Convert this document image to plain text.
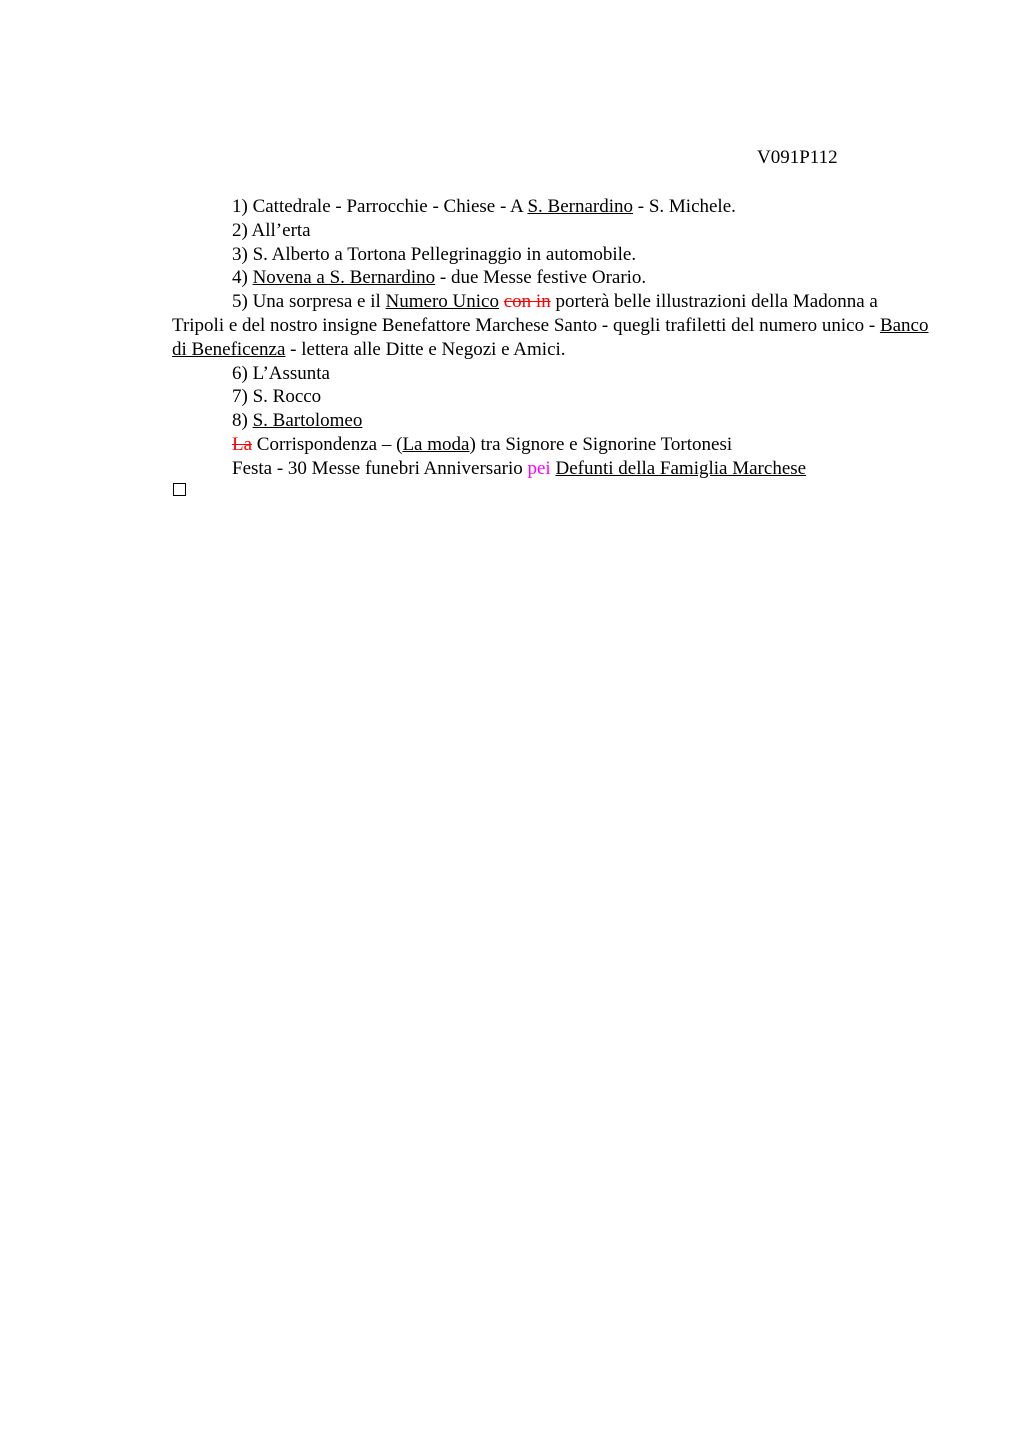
V091P112

1) Cattedrale - Parrocchie - Chiese - A S. Bernardino - S. Michele.

2) All’erta

3) S. Alberto a Tortona Pellegrinaggio in automobile.

4) Novena a S. Bernardino - due Messe festive Orario.

5) Una sorpresa e il Numero Unico con in porterà belle illustrazioni della Madonna a Tripoli e del nostro insigne Benefattore Marchese Santo - quegli trafiletti del numero unico - Banco di Beneficenza - lettera alle Ditte e Negozi e Amici.

6) L’Assunta

7) S. Rocco

8) S. Bartolomeo

La Corrispondenza – (La moda) tra Signore e Signorine Tortonesi

Festa - 30 Messe funebri Anniversario pei Defunti della Famiglia Marchese
